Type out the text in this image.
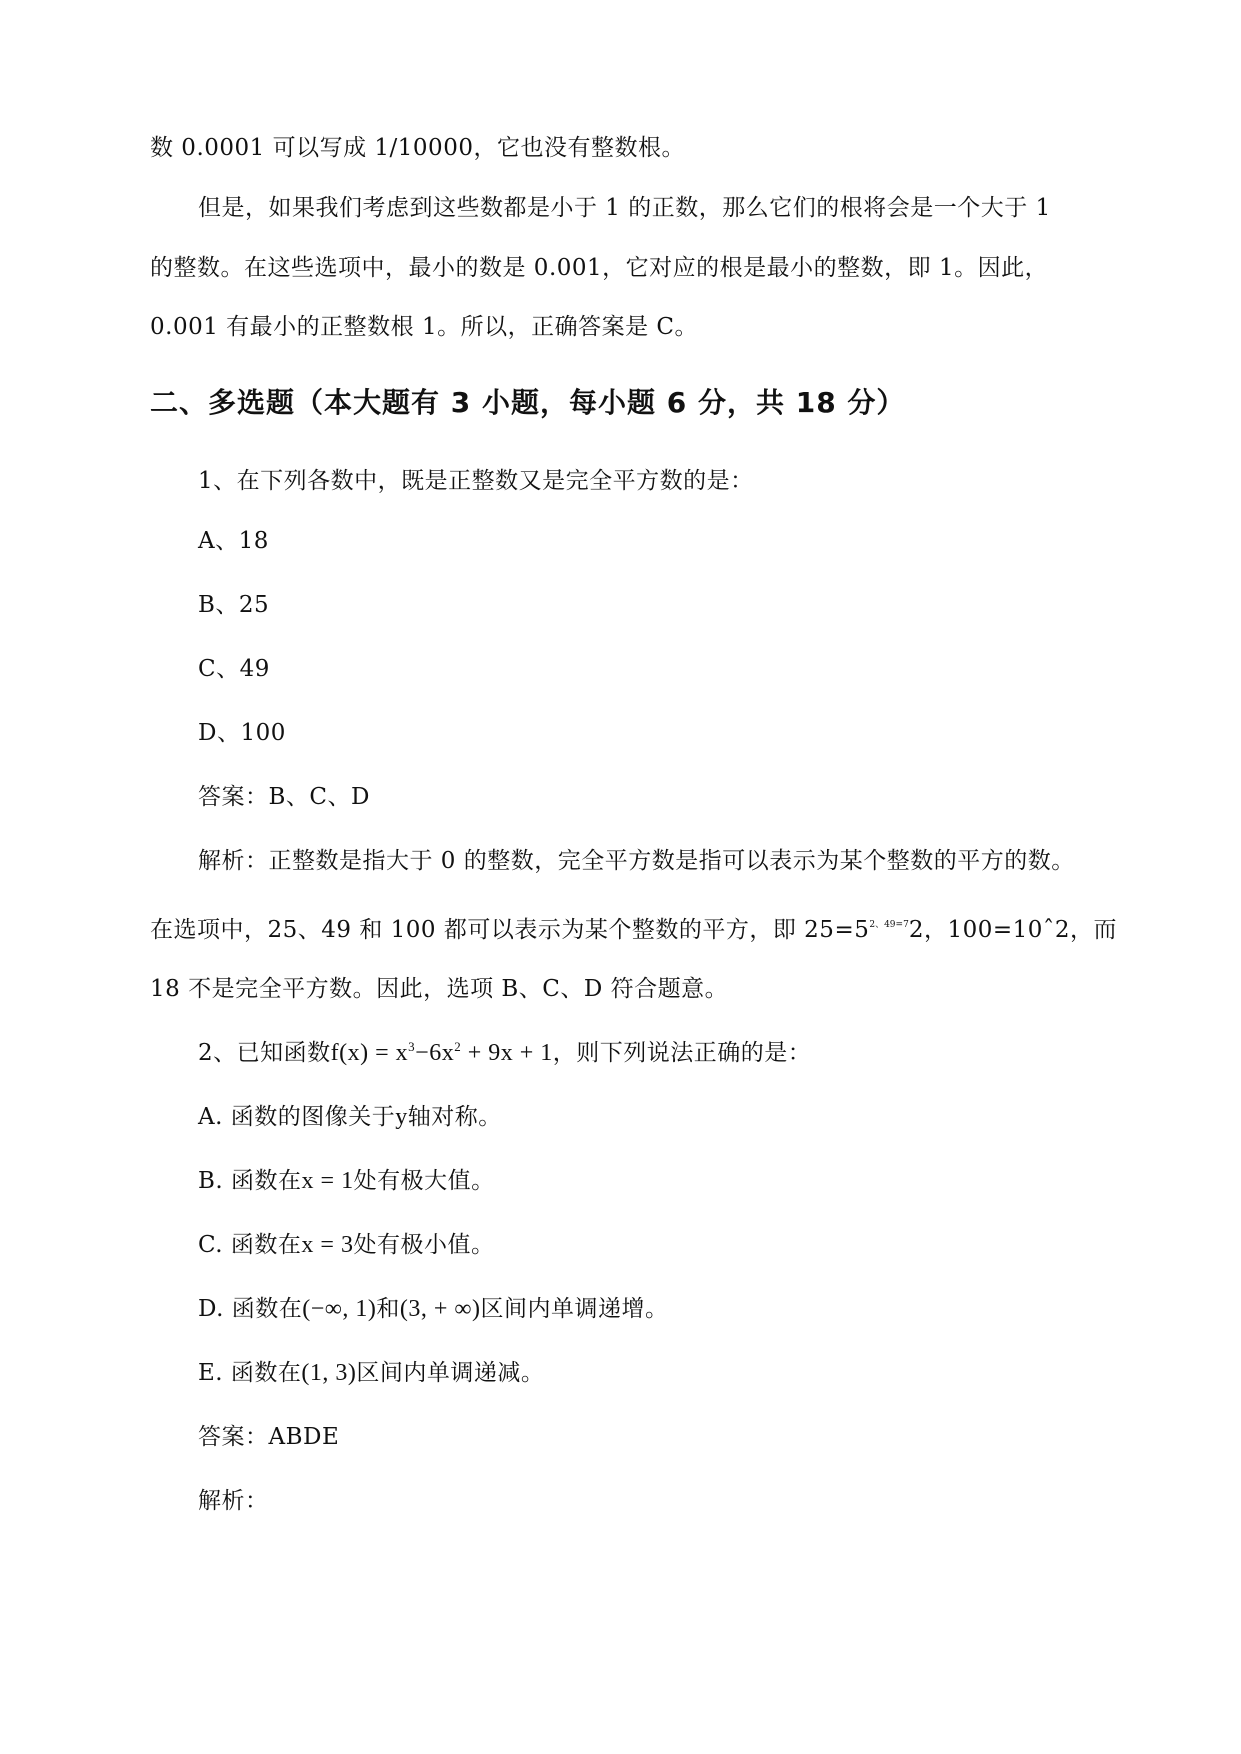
数 0.0001 可以写成 1/10000，它也没有整数根。
但是，如果我们考虑到这些数都是小于 1 的正数，那么它们的根将会是一个大于 1
的整数。在这些选项中，最小的数是 0.001，它对应的根是最小的整数，即 1。因此，
0.001 有最小的正整数根 1。所以，正确答案是 C。
二、多选题（本大题有 3 小题，每小题 6 分，共 18 分）
1、在下列各数中，既是正整数又是完全平方数的是：
A、18
B、25
C、49
D、100
答案：B、C、D
解析：正整数是指大于 0 的整数，完全平方数是指可以表示为某个整数的平方的数。
在选项中，25、49 和 100 都可以表示为某个整数的平方，即 $25=5^{2、49=7}2$，100=10ˆ2，而
18 不是完全平方数。因此，选项 B、C、D 符合题意。
2、已知函数$f(x) = x^3-6x^2 + 9x + 1$，则下列说法正确的是：
A. 函数的图像关于y轴对称。
B. 函数在x = 1处有极大值。
C. 函数在x = 3处有极小值。
D. 函数在(−∞, 1)和(3, + ∞)区间内单调递增。
E. 函数在(1, 3)区间内单调递减。
答案：ABDE
解析：
